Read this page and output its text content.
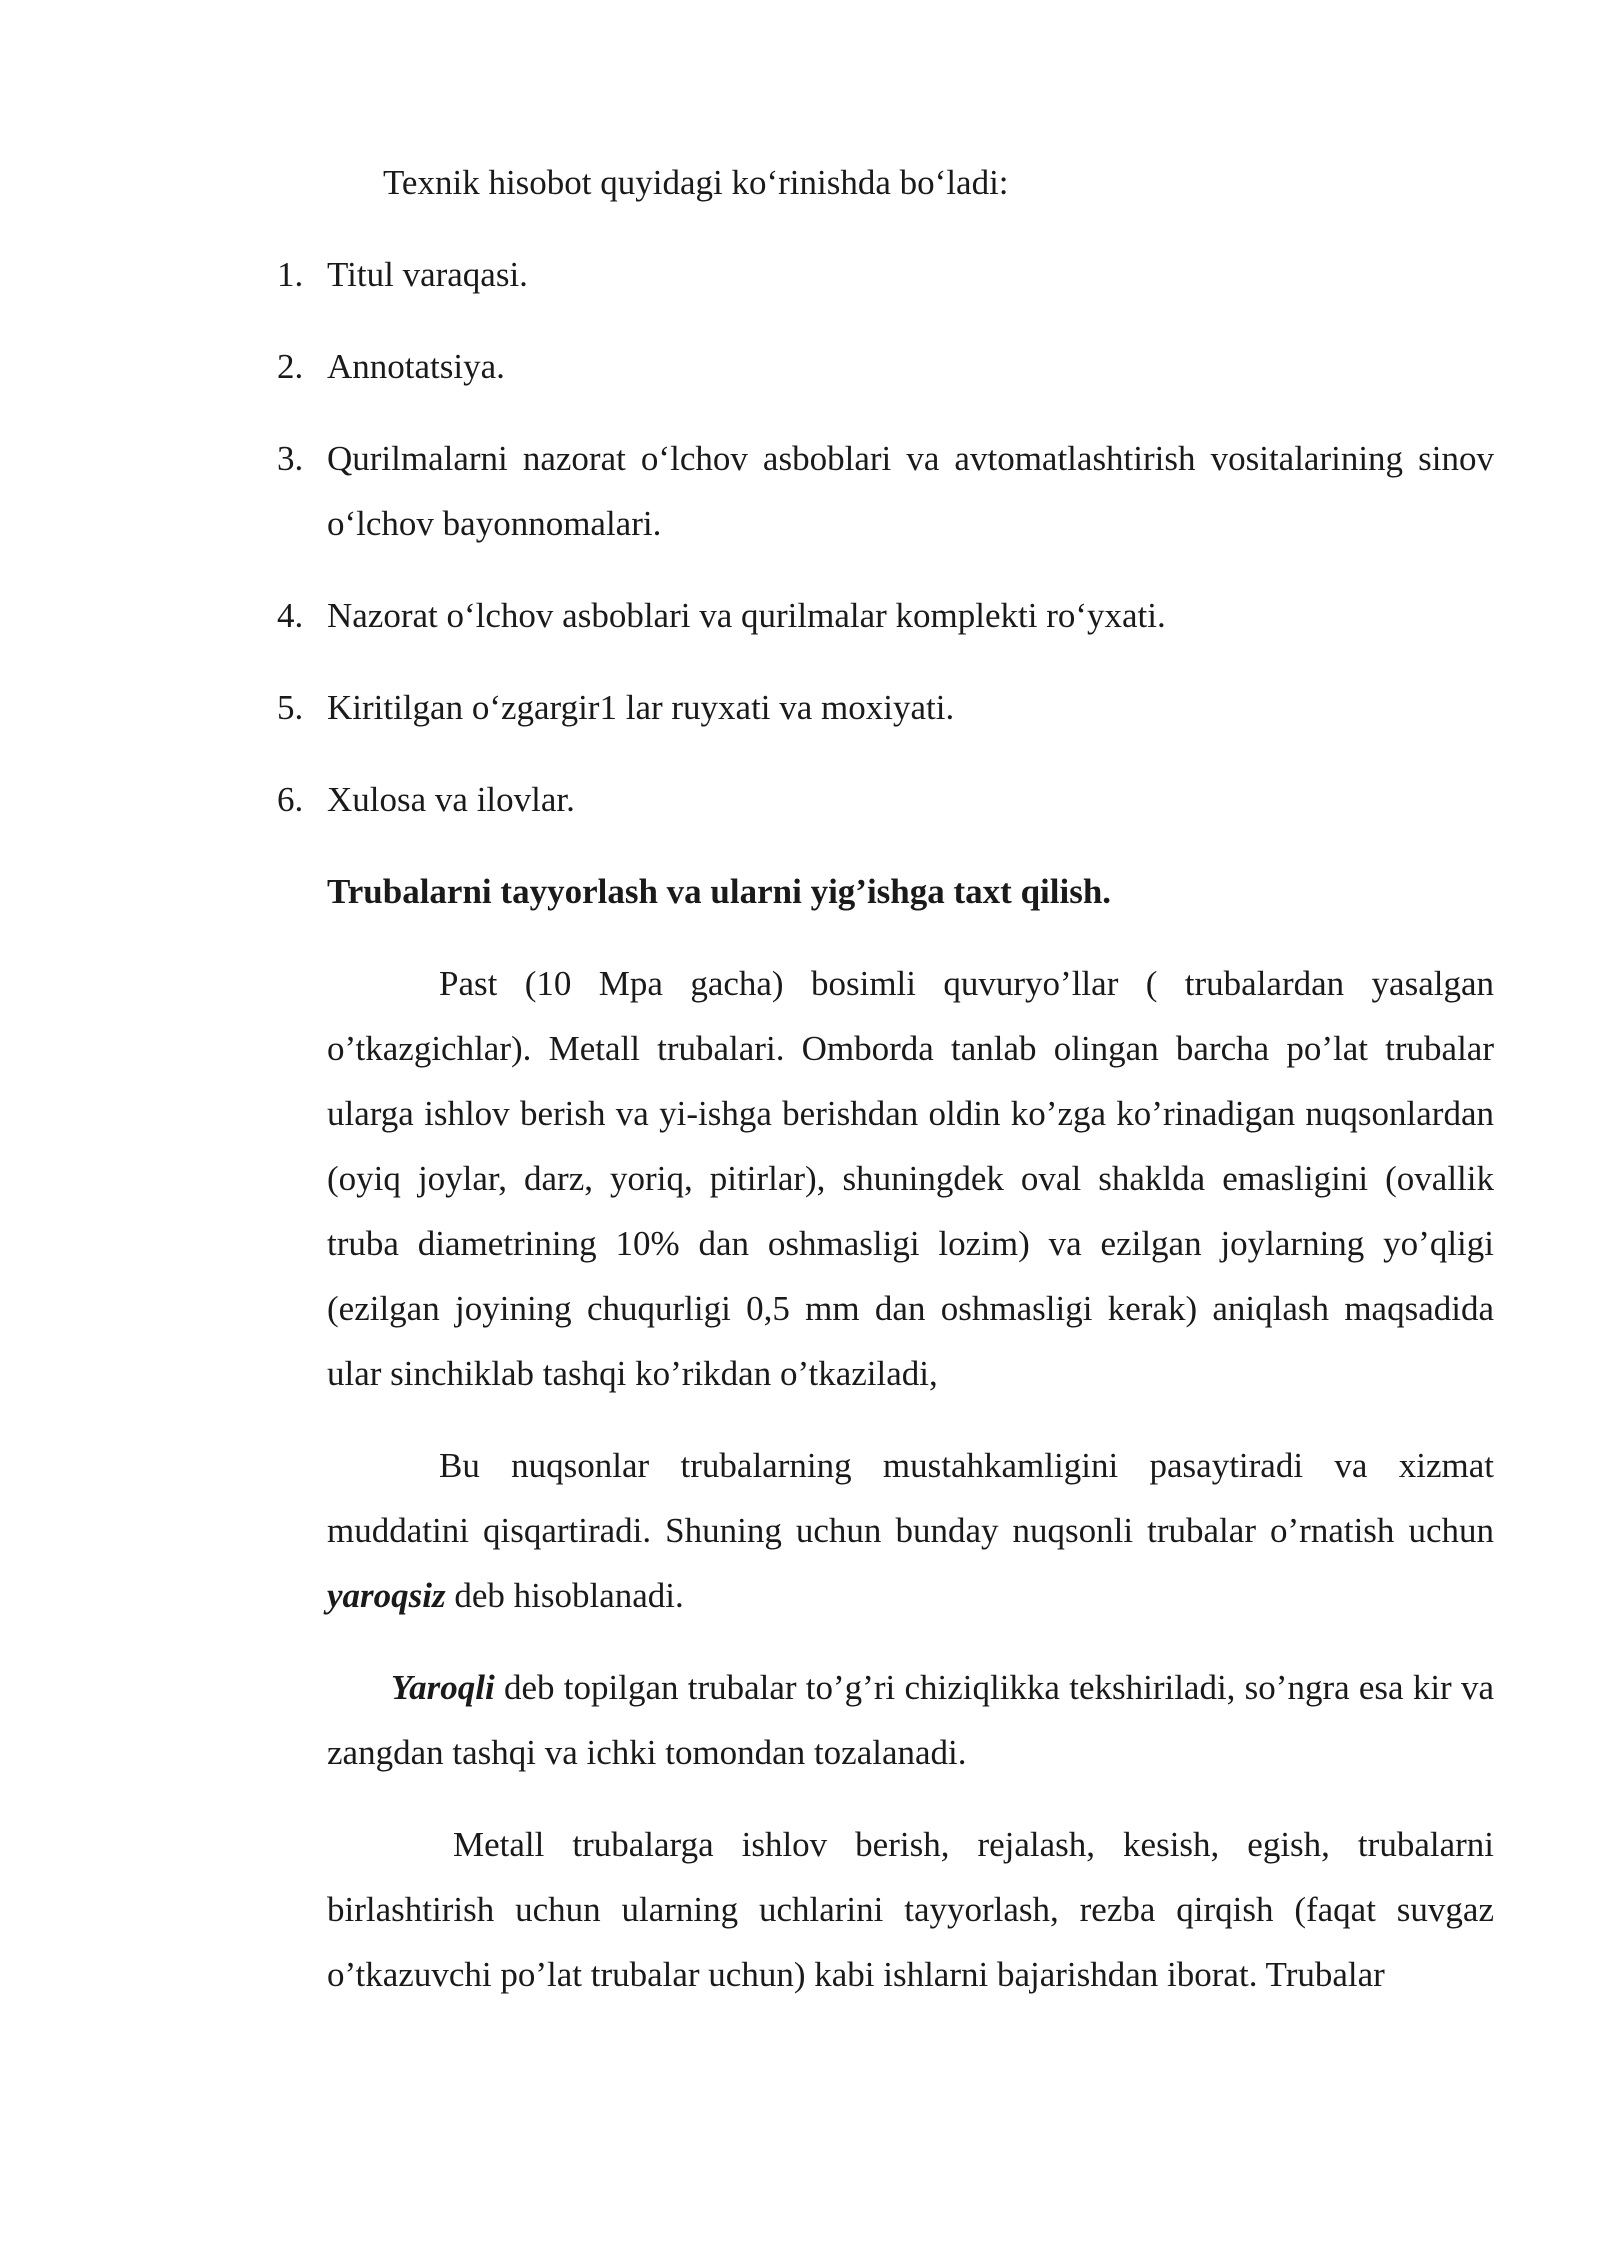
Texnik hisobot quyidagi ko‘rinishda bo‘ladi:
1. Titul varaqasi.
2. Annotatsiya.
3. Qurilmalarni nazorat o‘lchov asboblari va avtomatlashtirish vositalarining sinov o‘lchov bayonnomalari.
4. Nazorat o‘lchov asboblari va qurilmalar komplekti ro‘yxati.
5. Kiritilgan o‘zgargir1 lar ruyxati va moxiyati.
6. Xulosa va ilovlar.
Trubalarni tayyorlash va ularni yig’ishga taxt qilish.

Past (10 Mpa gacha) bosimli quvuryo’llar ( trubalardan yasalgan o’tkazgichlar). Metall trubalari. Omborda tanlab olingan barcha po’lat trubalar ularga ishlov berish va yi-ishga berishdan oldin ko’zga ko’rinadigan nuqsonlardan (oyiq joylar, darz, yoriq, pitirlar), shuningdek oval shaklda emasligini (ovallik truba diametrining 10% dan oshmasligi lozim) va ezilgan joylarning yo’qligi (ezilgan joyining chuqurligi 0,5 mm dan oshmasligi kerak) aniqlash maqsadida ular sinchiklab tashqi ko’rikdan o’tkaziladi,

Bu nuqsonlar trubalarning mustahkamligini pasaytiradi va xizmat muddatini qisqartiradi. Shuning uchun bunday nuqsonli trubalar o’rnatish uchun yaroqsiz deb hisoblanadi.

Yaroqli deb topilgan trubalar to’g’ri chiziqlikka tekshiriladi, so’ngra esa kir va zangdan tashqi va ichki tomondan tozalanadi.

Metall trubalarga ishlov berish, rejalash, kesish, egish, trubalarni birlashtirish uchun ularning uchlarini tayyorlash, rezba qirqish (faqat suvgaz o’tkazuvchi po’lat trubalar uchun) kabi ishlarni bajarishdan iborat. Trubalar
